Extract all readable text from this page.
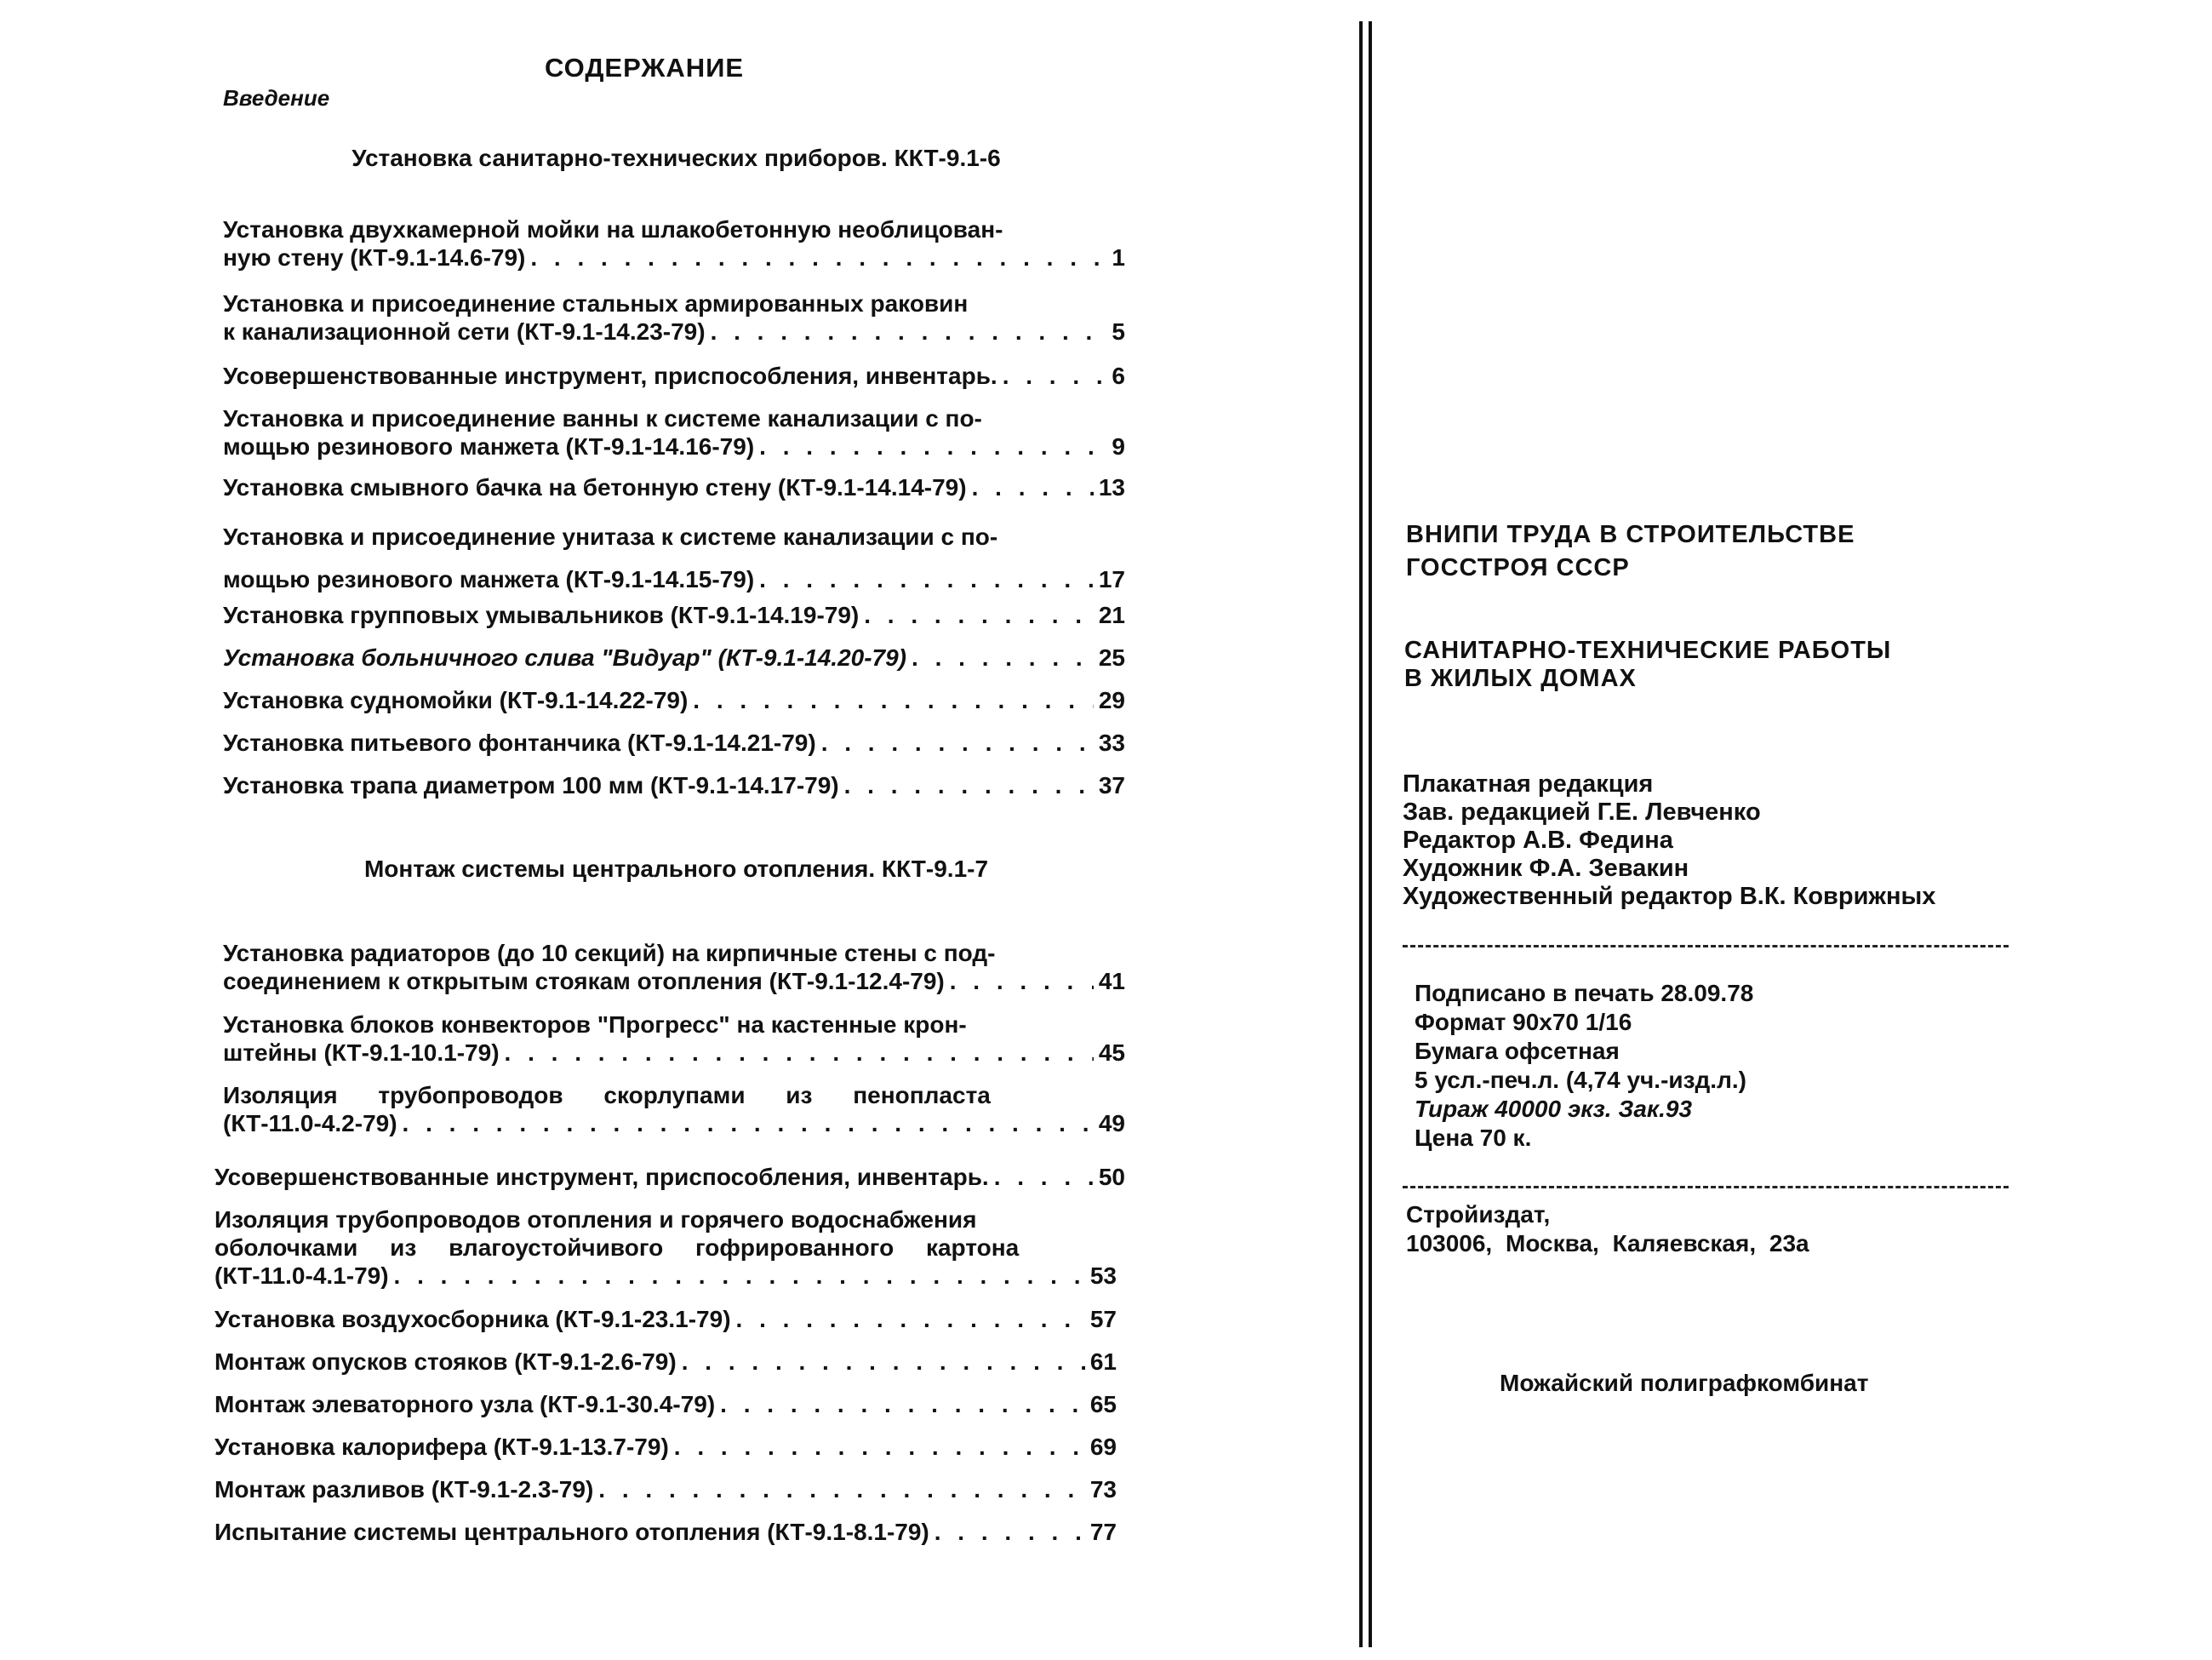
СОДЕРЖАНИЕ
Введение
Установка санитарно-технических приборов. ККТ-9.1-6
Установка двухкамерной мойки на шлакобетонную необлицован-
ную стену (КТ-9.1-14.6-79) . . .	1
Установка и присоединение стальных армированных раковин
к канализационной сети (КТ-9.1-14.23-79) . . .	5
Усовершенствованные инструмент, приспособления, инвентарь. . . .	6
Установка и присоединение ванны к системе канализации с по-
мощью резинового манжета (КТ-9.1-14.16-79) . . .	9
Установка смывного бачка на бетонную стену (КТ-9.1-14.14-79) . . .	13
Установка и присоединение унитаза к системе канализации с по-
мощью резинового манжета (КТ-9.1-14.15-79) . . .	17
Установка групповых умывальников (КТ-9.1-14.19-79) . . .	21
Установка больничного слива "Видуар" (КТ-9.1-14.20-79) . . .	25
Установка судномойки (КТ-9.1-14.22-79) . . .	29
Установка питьевого фонтанчика (КТ-9.1-14.21-79) . . .	33
Установка трапа диаметром 100 мм (КТ-9.1-14.17-79) . . .	37
Монтаж системы центрального отопления. ККТ-9.1-7
Установка радиаторов (до 10 секций) на кирпичные стены с под-
соединением к открытым стоякам отопления (КТ-9.1-12.4-79) . . .	41
Установка блоков конвекторов "Прогресс" на кастенные крон-
штейны (КТ-9.1-10.1-79) . . .	45
Изоляция трубопроводов скорлупами из пенопласта
(КТ-11.0-4.2-79) . . .	49
Усовершенствованные инструмент, приспособления, инвентарь. . . .	50
Изоляция трубопроводов отопления и горячего водоснабжения
оболочками из влагоустойчивого гофрированного картона
(КТ-11.0-4.1-79) . . .	53
Установка воздухосборника (КТ-9.1-23.1-79) . . .	57
Монтаж опусков стояков (КТ-9.1-2.6-79) . . .	61
Монтаж элеваторного узла (КТ-9.1-30.4-79) . . .	65
Установка калорифера (КТ-9.1-13.7-79) . . .	69
Монтаж разливов (КТ-9.1-2.3-79) . . .	73
Испытание системы центрального отопления (КТ-9.1-8.1-79) . . .	77
ВНИПИ ТРУДА В СТРОИТЕЛЬСТВЕ
ГОССТРОЯ СССР
САНИТАРНО-ТЕХНИЧЕСКИЕ РАБОТЫ
В ЖИЛЫХ ДОМАХ
Плакатная редакция
Зав. редакцией Г.Е. Левченко
Редактор А.В. Федина
Художник Ф.А. Зевакин
Художественный редактор В.К. Коврижных
Подписано в печать 28.09.78
Формат 90х70 1/16
Бумага офсетная
5 усл.-печ.л. (4,74 уч.-изд.л.)
Тираж 40000 экз. Зак.93
Цена 70 к.
Стройиздат,
103006, Москва, Каляевская, 23а
Можайский полиграфкомбинат
